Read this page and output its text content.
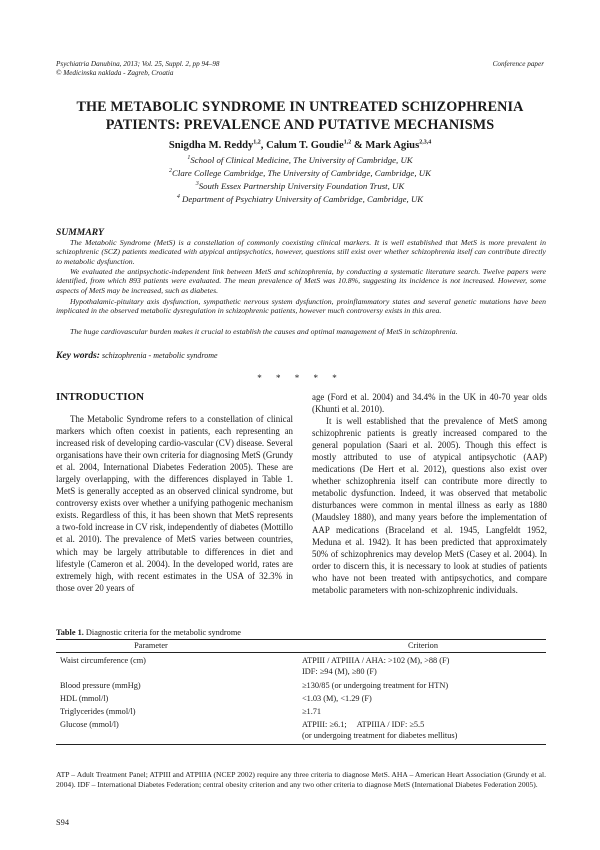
Psychiatria Danubina, 2013; Vol. 25, Suppl. 2, pp 94–98
© Medicinska naklada - Zagreb, Croatia
Conference paper
THE METABOLIC SYNDROME IN UNTREATED SCHIZOPHRENIA
PATIENTS: PREVALENCE AND PUTATIVE MECHANISMS
Snigdha M. Reddy$^{1,2}$, Calum T. Goudie$^{1,2}$ & Mark Agius$^{2,3,4}$
$^1$School of Clinical Medicine, The University of Cambridge, UK
$^2$Clare College Cambridge, The University of Cambridge, Cambridge, UK
$^3$South Essex Partnership University Foundation Trust, UK
$^4$ Department of Psychiatry University of Cambridge, Cambridge, UK
SUMMARY
The Metabolic Syndrome (MetS) is a constellation of commonly coexisting clinical markers. It is well established that MetS is more prevalent in schizophrenic (SCZ) patients medicated with atypical antipsychotics, however, questions still exist over whether schizophrenia itself can contribute directly to metabolic dysfunction.
We evaluated the antipsychotic-independent link between MetS and schizophrenia, by conducting a systematic literature search. Twelve papers were identified, from which 893 patients were evaluated. The mean prevalence of MetS was 10.8%, suggesting its incidence is not increased. However, some aspects of MetS may be increased, such as diabetes.
Hypothalamic-pituitary axis dysfunction, sympathetic nervous system dysfunction, proinflammatory states and several genetic mutations have been implicated in the observed metabolic dysregulation in schizophrenic patients, however much controversy exists in this area.
The huge cardiovascular burden makes it crucial to establish the causes and optimal management of MetS in schizophrenia.
Key words: schizophrenia - metabolic syndrome
* * * * *
INTRODUCTION
The Metabolic Syndrome refers to a constellation of clinical markers which often coexist in patients, each representing an increased risk of developing cardio-vascular (CV) disease. Several organisations have their own criteria for diagnosing MetS (Grundy et al. 2004, International Diabetes Federation 2005). These are largely overlapping, with the differences displayed in Table 1. MetS is generally accepted as an observed clinical syndrome, but controversy exists over whether a unifying pathogenic mechanism exists. Regardless of this, it has been shown that MetS represents a two-fold increase in CV risk, independently of diabetes (Mottillo et al. 2010). The prevalence of MetS varies between countries, which may be largely attributable to differences in diet and lifestyle (Cameron et al. 2004). In the developed world, rates are extremely high, with recent estimates in the USA of 32.3% in those over 20 years of

age (Ford et al. 2004) and 34.4% in the UK in 40-70 year olds (Khunti et al. 2010).

It is well established that the prevalence of MetS among schizophrenic patients is greatly increased compared to the general population (Saari et al. 2005). Though this effect is mostly attributed to use of atypical antipsychotic (AAP) medications (De Hert et al. 2012), questions also exist over whether schizophrenia itself can contribute more directly to metabolic dysfunction. Indeed, it was observed that metabolic disturbances were common in mental illness as early as 1880 (Maudsley 1880), and many years before the implementation of AAP medications (Braceland et al. 1945, Langfeldt 1952, Meduna et al. 1942). It has been predicted that approximately 50% of schizophrenics may develop MetS (Casey et al. 2004). In order to discern this, it is necessary to look at studies of patients who have not been treated with antipsychotics, and compare metabolic parameters with non-schizophrenic individuals.

Table 1. Diagnostic criteria for the metabolic syndrome
Parameter	Criterion
Waist circumference (cm)	ATPIII / ATPIIIA / AHA: >102 (M), >88 (F)
IDF: ≥94 (M), ≥80 (F)
Blood pressure (mmHg)	≥130/85 (or undergoing treatment for HTN)
HDL (mmol/l)	<1.03 (M), <1.29 (F)
Triglycerides (mmol/l)	≥1.71
Glucose (mmol/l)	ATPIII: ≥6.1;     ATPIIIA / IDF: ≥5.5
(or undergoing treatment for diabetes mellitus)
ATP – Adult Treatment Panel; ATPIII and ATPIIIA (NCEP 2002) require any three criteria to diagnose MetS. AHA – American Heart Association (Grundy et al. 2004). IDF – International Diabetes Federation; central obesity criterion and any two other criteria to diagnose MetS (International Diabetes Federation 2005).
S94
